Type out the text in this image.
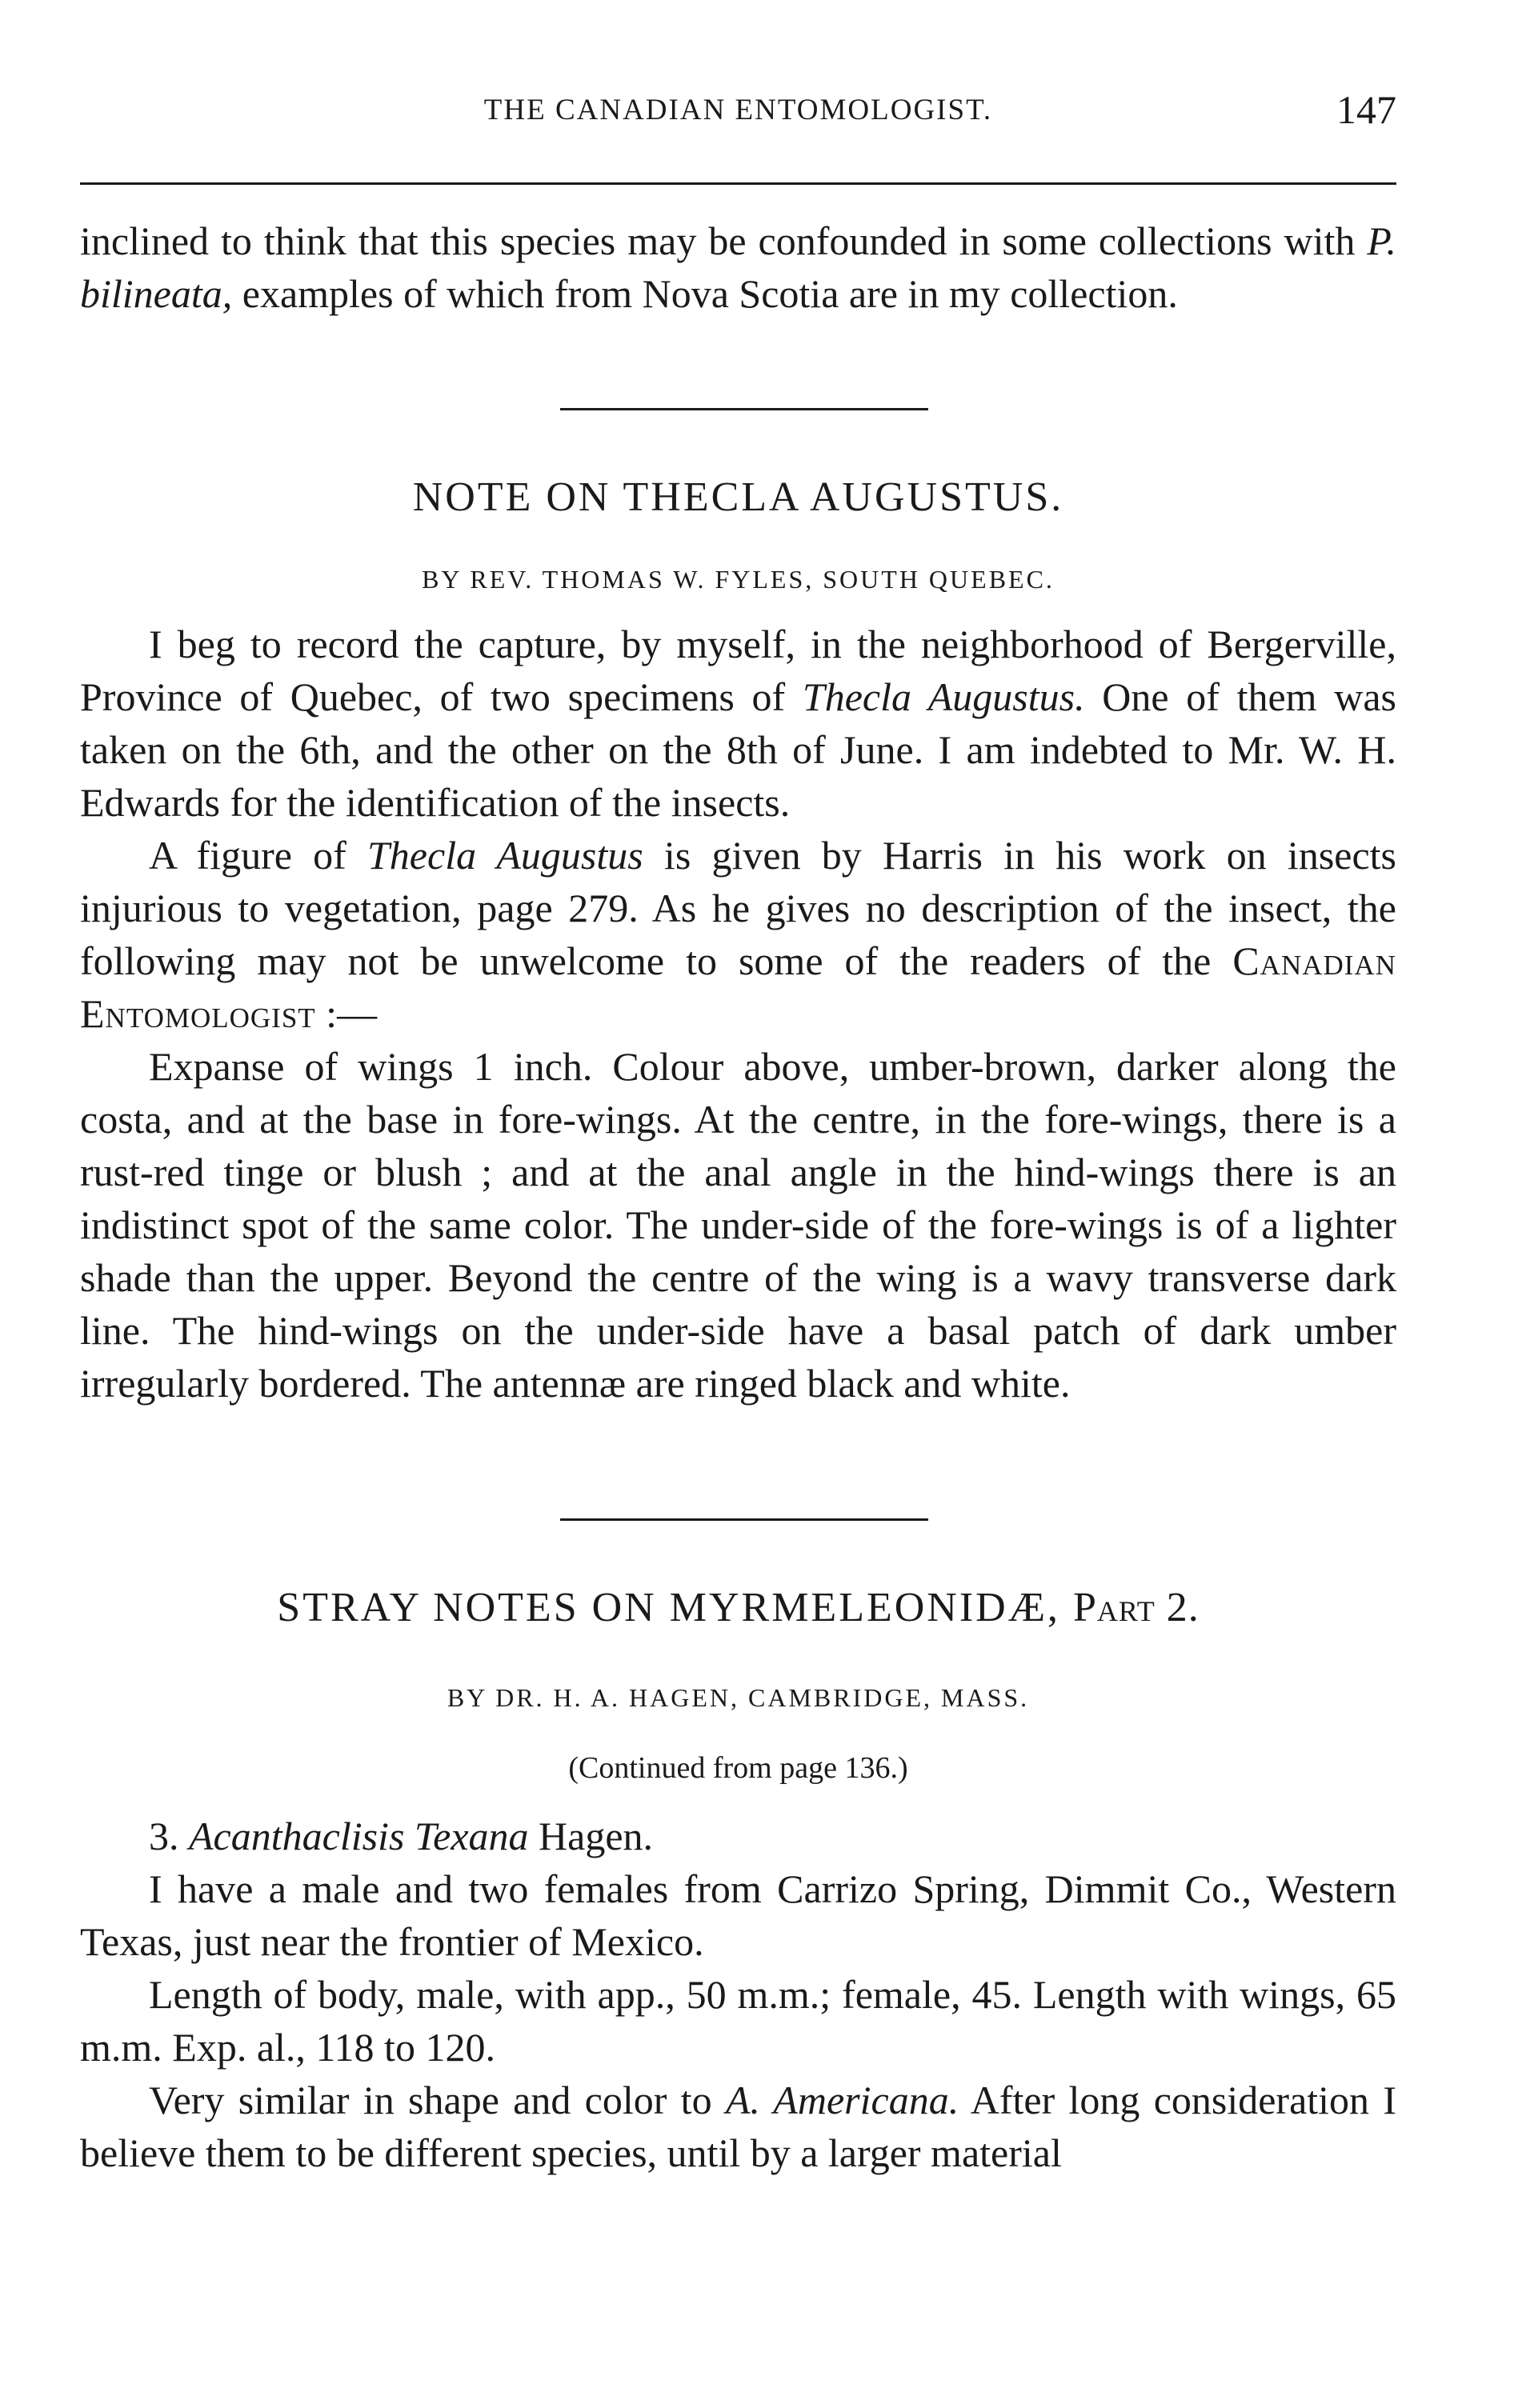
THE CANADIAN ENTOMOLOGIST.	147

inclined to think that this species may be confounded in some collections with P. bilineata, examples of which from Nova Scotia are in my collection.

NOTE ON THECLA AUGUSTUS.
BY REV. THOMAS W. FYLES, SOUTH QUEBEC.

I beg to record the capture, by myself, in the neighborhood of Bergerville, Province of Quebec, of two specimens of Thecla Augustus. One of them was taken on the 6th, and the other on the 8th of June. I am indebted to Mr. W. H. Edwards for the identification of the insects.

A figure of Thecla Augustus is given by Harris in his work on insects injurious to vegetation, page 279. As he gives no description of the insect, the following may not be unwelcome to some of the readers of the Canadian Entomologist :—

Expanse of wings 1 inch. Colour above, umber-brown, darker along the costa, and at the base in fore-wings. At the centre, in the fore-wings, there is a rust-red tinge or blush ; and at the anal angle in the hind-wings there is an indistinct spot of the same color. The under-side of the fore-wings is of a lighter shade than the upper. Beyond the centre of the wing is a wavy transverse dark line. The hind-wings on the under-side have a basal patch of dark umber irregularly bordered. The antennæ are ringed black and white.

STRAY NOTES ON MYRMELEONIDÆ, Part 2.
BY DR. H. A. HAGEN, CAMBRIDGE, MASS.
(Continued from page 136.)

3. Acanthaclisis Texana Hagen.

I have a male and two females from Carrizo Spring, Dimmit Co., Western Texas, just near the frontier of Mexico.

Length of body, male, with app., 50 m.m.; female, 45. Length with wings, 65 m.m. Exp. al., 118 to 120.

Very similar in shape and color to A. Americana. After long consideration I believe them to be different species, until by a larger material
